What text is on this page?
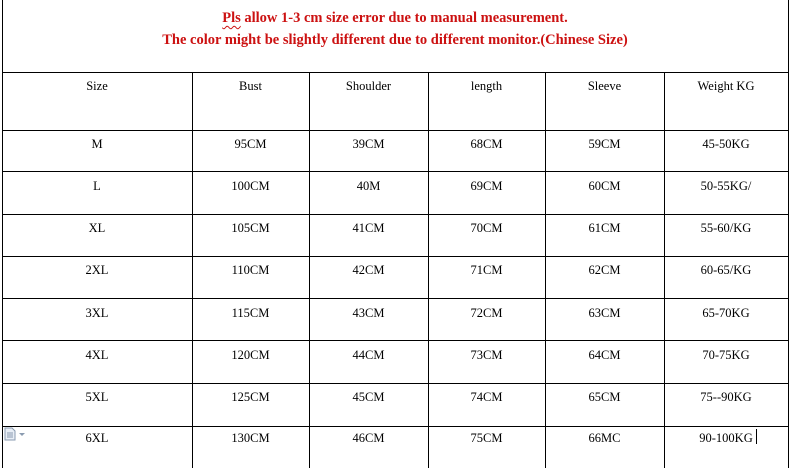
Pls allow 1-3 cm size error due to manual measurement.
The color might be slightly different due to different monitor.(Chinese Size)
Size	Bust	Shoulder	length	Sleeve	Weight KG
M	95CM	39CM	68CM	59CM	45-50KG
L	100CM	40M	69CM	60CM	50-55KG/
XL	105CM	41CM	70CM	61CM	55-60/KG
2XL	110CM	42CM	71CM	62CM	60-65/KG
3XL	115CM	43CM	72CM	63CM	65-70KG
4XL	120CM	44CM	73CM	64CM	70-75KG
5XL	125CM	45CM	74CM	65CM	75--90KG
6XL	130CM	46CM	75CM	66MC	90-100KG
